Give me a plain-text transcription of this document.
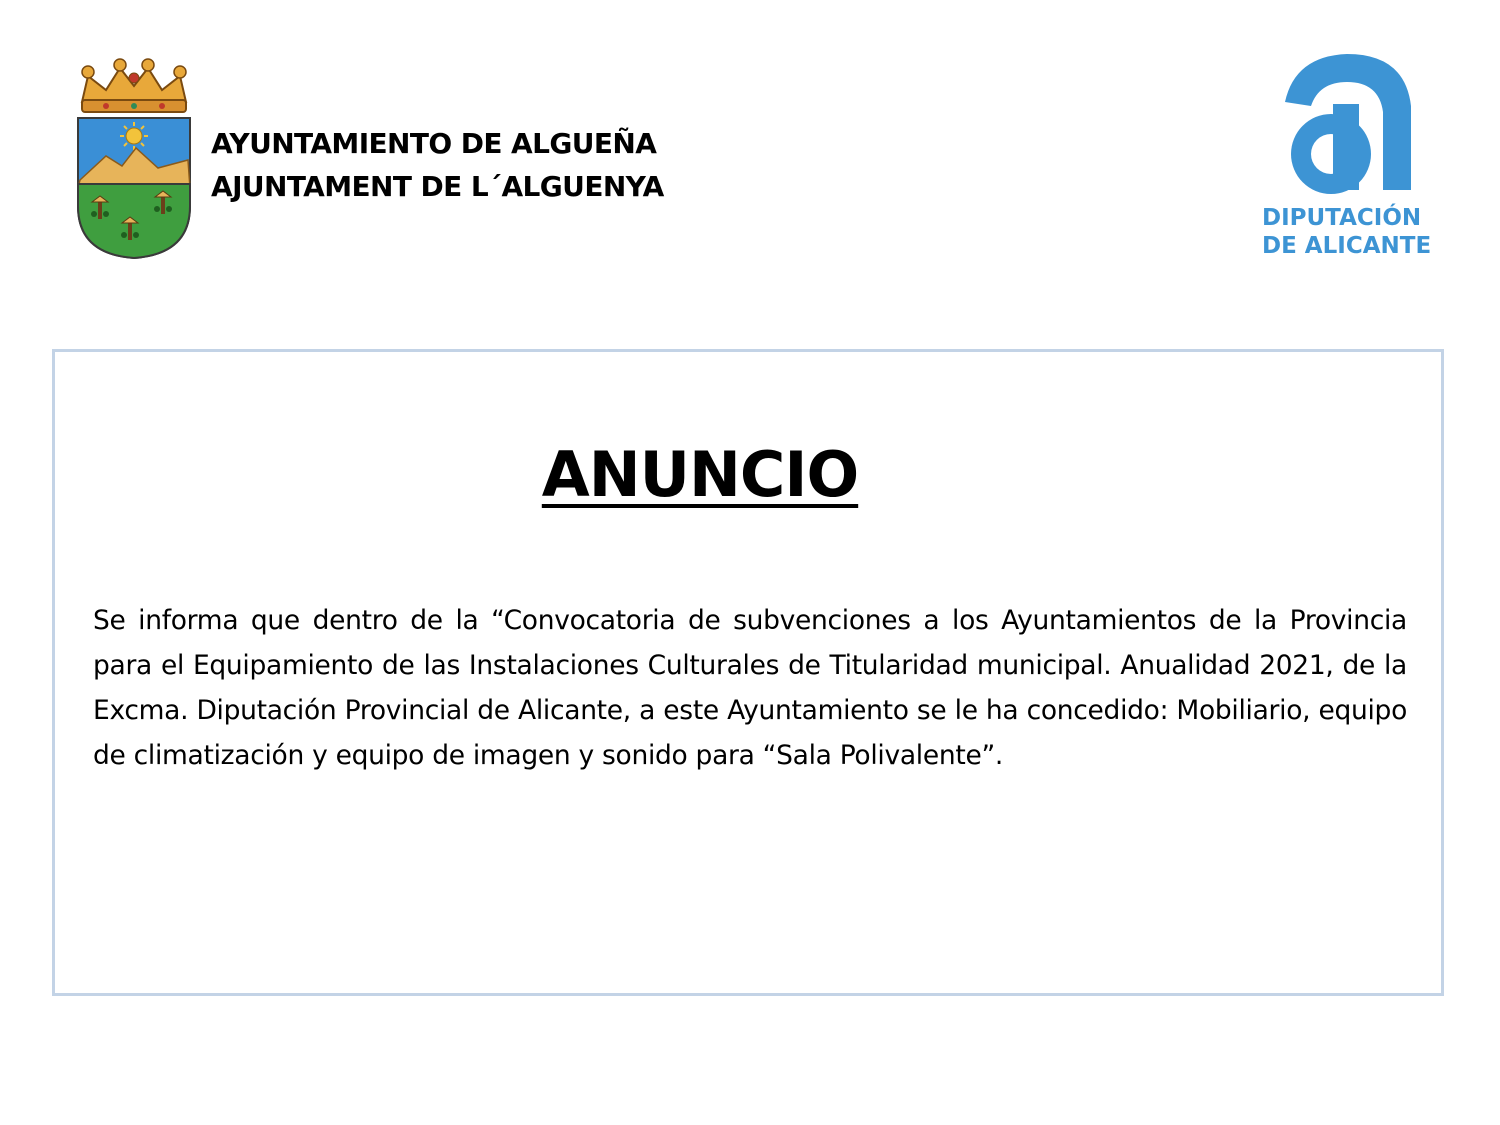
AYUNTAMIENTO DE ALGUEÑA
AJUNTAMENT DE L´ALGUENYA
DIPUTACIÓN
DE ALICANTE
ANUNCIO
Se informa que dentro de la “Convocatoria de subvenciones a los Ayuntamientos de la Provincia para el Equipamiento de las Instalaciones Culturales de Titularidad municipal. Anualidad 2021, de la Excma. Diputación Provincial de Alicante, a este Ayuntamiento se le ha concedido: Mobiliario, equipo de climatización y equipo de imagen y sonido para “Sala Polivalente”.
